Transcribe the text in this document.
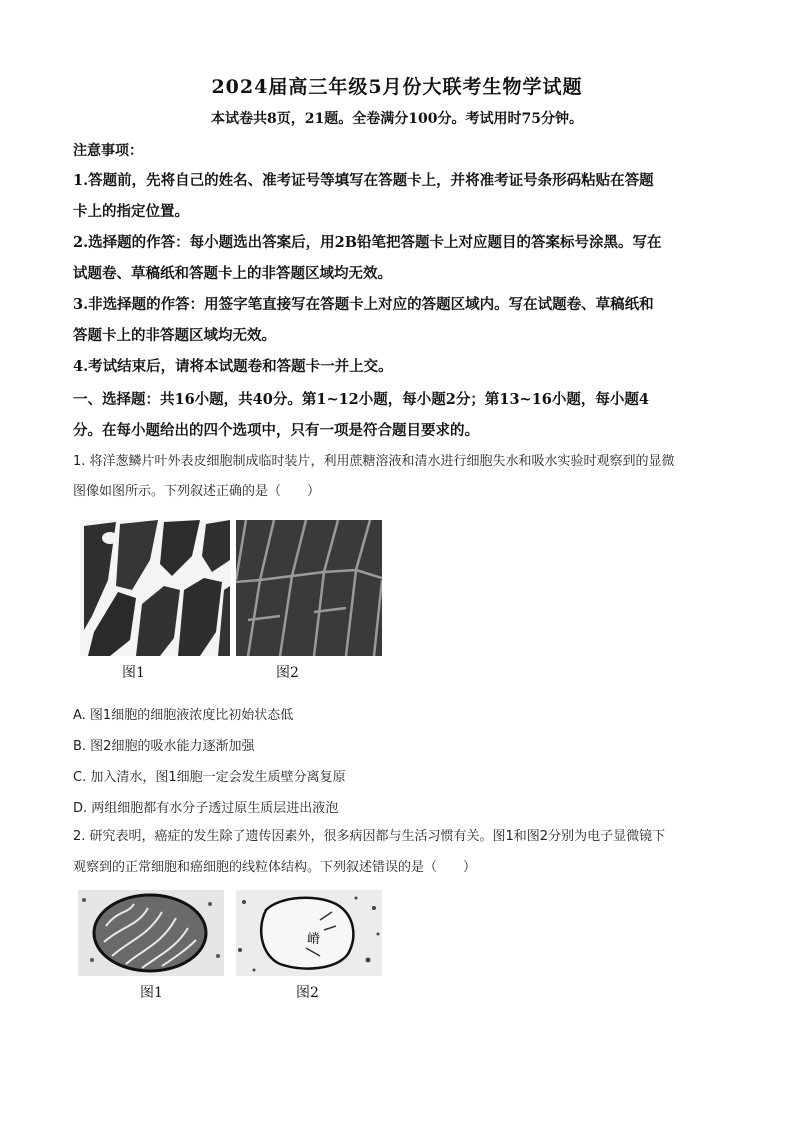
2024届高三年级5月份大联考生物学试题
本试卷共8页，21题。全卷满分100分。考试用时75分钟。
注意事项：
1.答题前，先将自己的姓名、准考证号等填写在答题卡上，并将准考证号条形码粘贴在答题
卡上的指定位置。
2.选择题的作答：每小题选出答案后，用2B铅笔把答题卡上对应题目的答案标号涂黑。写在
试题卷、草稿纸和答题卡上的非答题区域均无效。
3.非选择题的作答：用签字笔直接写在答题卡上对应的答题区域内。写在试题卷、草稿纸和
答题卡上的非答题区域均无效。
4.考试结束后，请将本试题卷和答题卡一并上交。
一、选择题：共16小题，共40分。第1~12小题，每小题2分；第13~16小题，每小题4
分。在每小题给出的四个选项中，只有一项是符合题目要求的。
1. 将洋葱鳞片叶外表皮细胞制成临时装片，利用蔗糖溶液和清水进行细胞失水和吸水实验时观察到的显微
图像如图所示。下列叙述正确的是（　　）
图1	图2
A. 图1细胞的细胞液浓度比初始状态低
B. 图2细胞的吸水能力逐渐加强
C. 加入清水，图1细胞一定会发生质壁分离复原
D. 两组细胞都有水分子透过原生质层进出液泡
2. 研究表明，癌症的发生除了遗传因素外，很多病因都与生活习惯有关。图1和图2分别为电子显微镜下
观察到的正常细胞和癌细胞的线粒体结构。下列叙述错误的是（　　）
图1
嵴
图2
